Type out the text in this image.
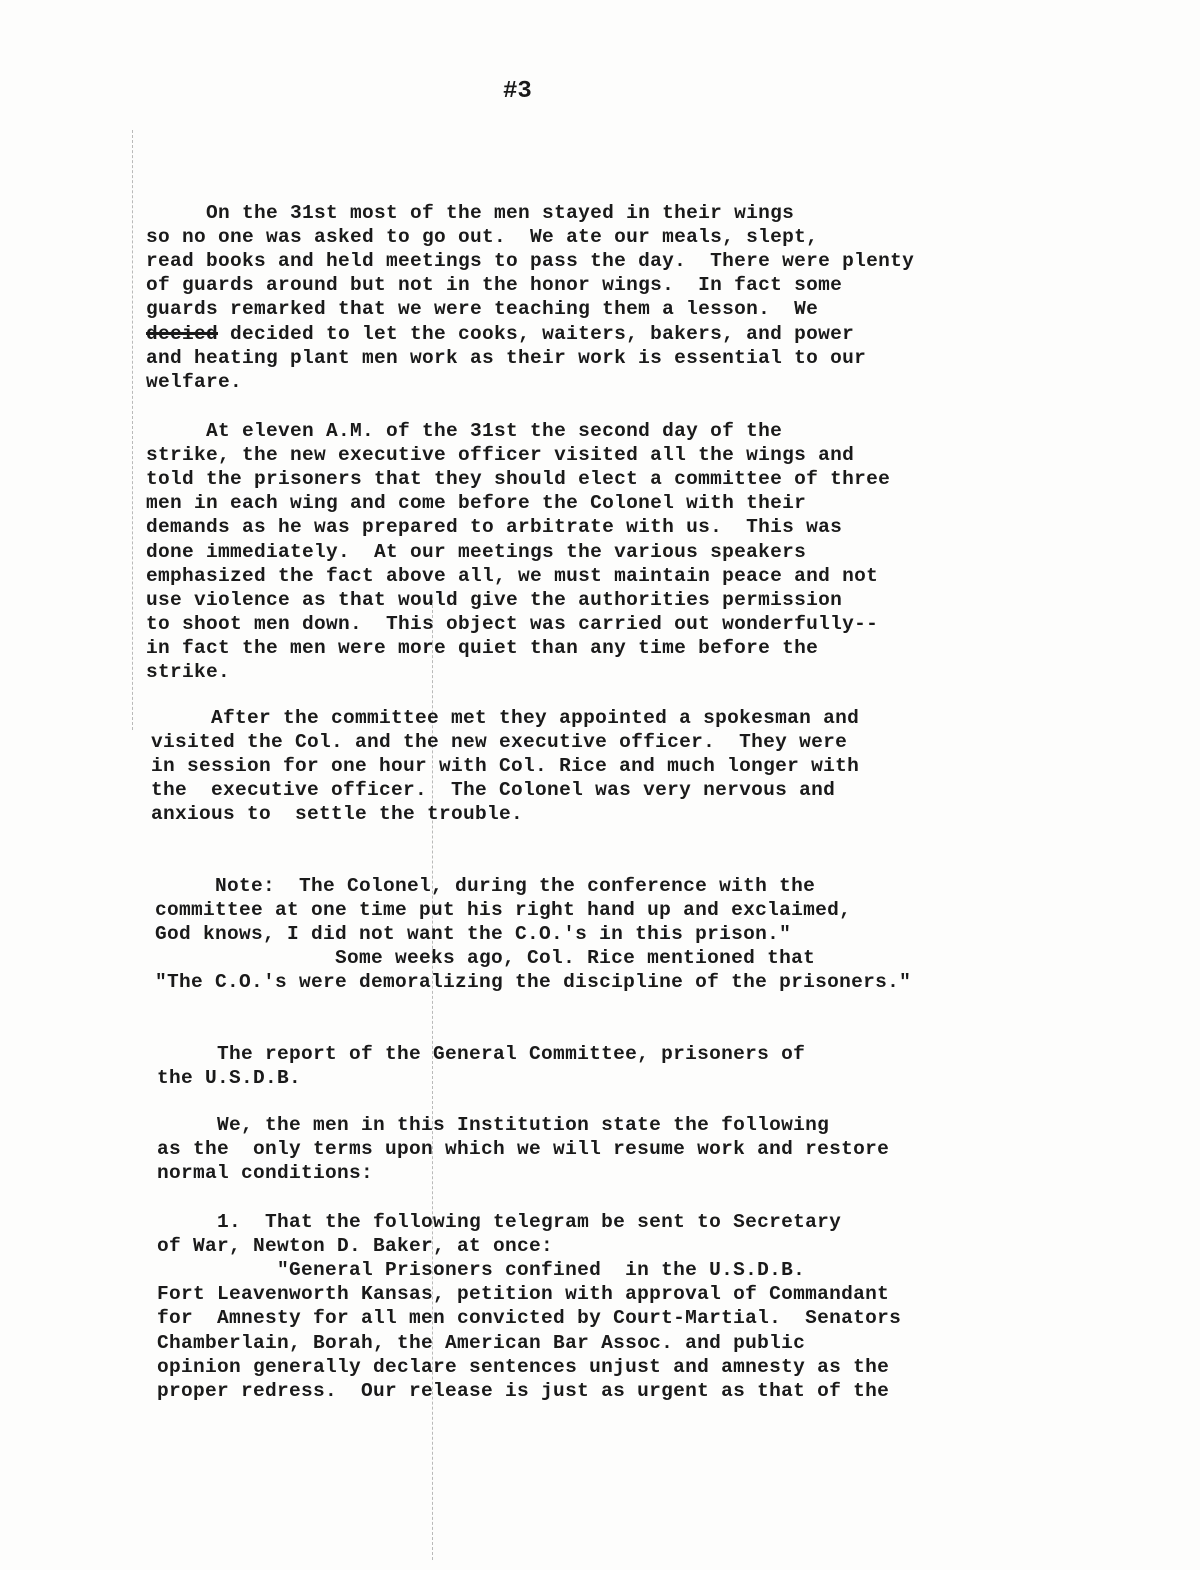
#3
On the 31st most of the men stayed in their wings
so no one was asked to go out.  We ate our meals, slept,
read books and held meetings to pass the day.  There were plenty
of guards around but not in the honor wings.  In fact some
guards remarked that we were teaching them a lesson.  We
deeied decided to let the cooks, waiters, bakers, and power
and heating plant men work as their work is essential to our
welfare.
At eleven A.M. of the 31st the second day of the
strike, the new executive officer visited all the wings and
told the prisoners that they should elect a committee of three
men in each wing and come before the Colonel with their
demands as he was prepared to arbitrate with us.  This was
done immediately.  At our meetings the various speakers
emphasized the fact above all, we must maintain peace and not
use violence as that would give the authorities permission
to shoot men down.  This object was carried out wonderfully--
in fact the men were more quiet than any time before the
strike.
After the committee met they appointed a spokesman and
visited the Col. and the new executive officer.  They were
in session for one hour with Col. Rice and much longer with
the  executive officer.  The Colonel was very nervous and
anxious to  settle the trouble.
Note:  The Colonel, during the conference with the
committee at one time put his right hand up and exclaimed,
God knows, I did not want the C.O.'s in this prison."
Some weeks ago, Col. Rice mentioned that
"The C.O.'s were demoralizing the discipline of the prisoners."
The report of the General Committee, prisoners of
the U.S.D.B.
We, the men in this Institution state the following
as the  only terms upon which we will resume work and restore
normal conditions:
1.  That the following telegram be sent to Secretary
of War, Newton D. Baker, at once:
"General Prisoners confined  in the U.S.D.B.
Fort Leavenworth Kansas, petition with approval of Commandant
for  Amnesty for all men convicted by Court-Martial.  Senators
Chamberlain, Borah, the American Bar Assoc. and public
opinion generally declare sentences unjust and amnesty as the
proper redress.  Our release is just as urgent as that of the
